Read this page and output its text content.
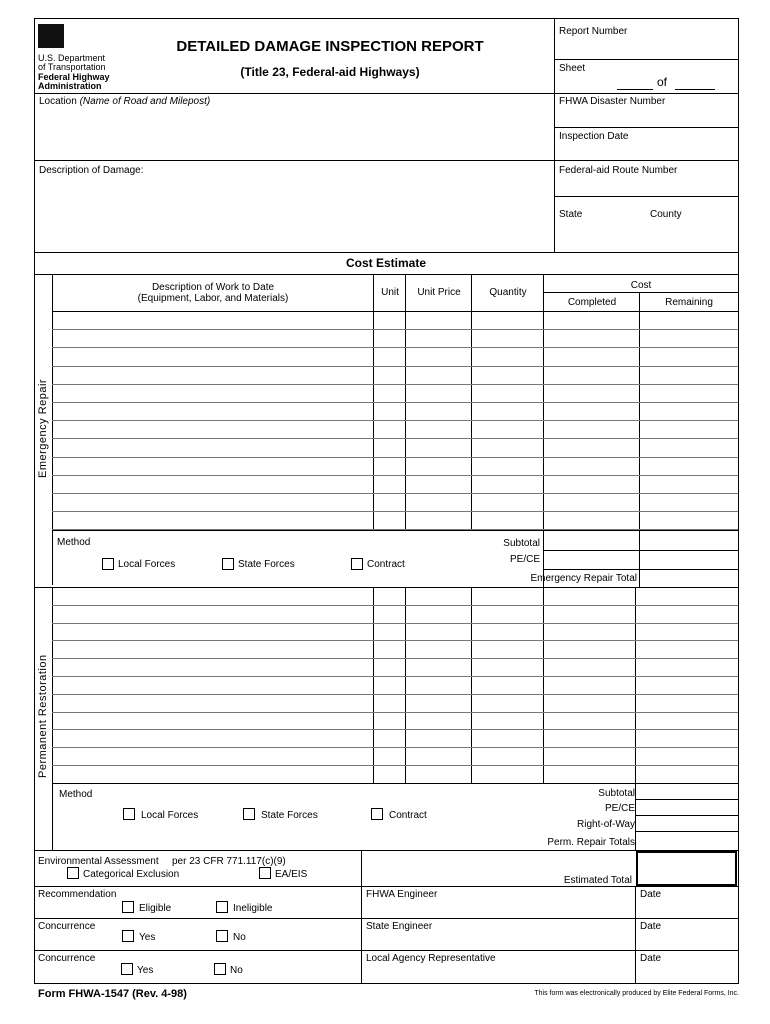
U.S. Department
of Transportation
Federal Highway
Administration
DETAILED DAMAGE INSPECTION REPORT
(Title 23, Federal-aid Highways)
Report Number
Sheet
of
Location (Name of Road and Milepost)	FHWA Disaster Number
Inspection Date
Description of Damage:	Federal-aid Route Number
State	County
Cost Estimate
Description of Work to Date
(Equipment, Labor, and Materials)
Unit	Unit Price	Quantity
Cost
Completed	Remaining
Emergency Repair
Method
Local Forces	State Forces	Contract
Subtotal
PE/CE
Emergency Repair Total
Permanent Restoration
Method
Local Forces	State Forces	Contract
Subtotal
PE/CE
Right-of-Way
Perm. Repair Totals
Environmental Assessment per 23 CFR 771.117(c)(9)
Categorical Exclusion	EA/EIS
Estimated Total
Recommendation
Eligible	Ineligible
FHWA Engineer	Date
Concurrence
Yes	No
State Engineer	Date
Concurrence
Yes	No
Local Agency Representative	Date
Form FHWA-1547 (Rev. 4-98)	This form was electronically produced by Elite Federal Forms, Inc.
